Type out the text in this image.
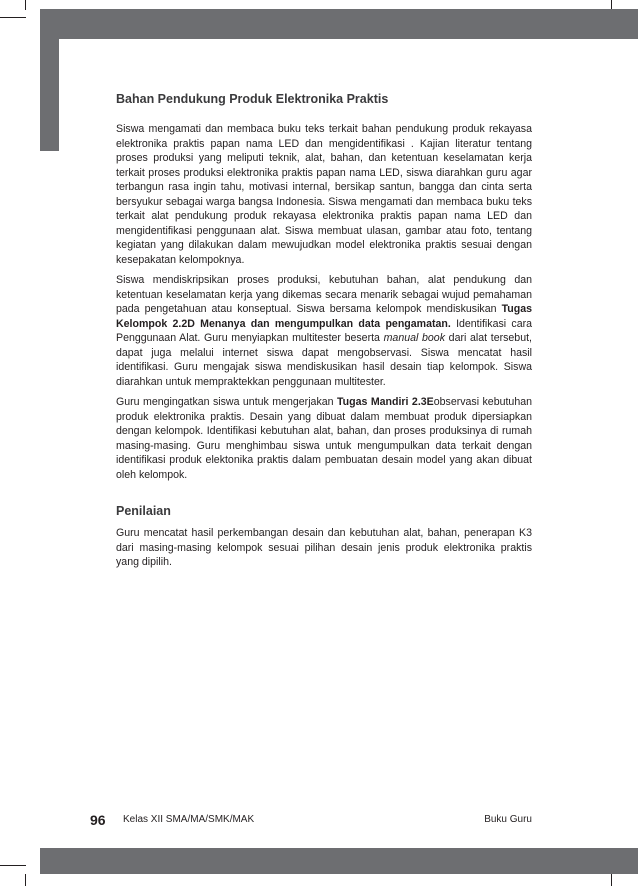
Bahan Pendukung Produk Elektronika Praktis

Siswa mengamati dan membaca buku teks terkait bahan pendukung produk rekayasa elektronika praktis papan nama LED dan mengidentifikasi . Kajian literatur tentang proses produksi yang meliputi teknik, alat, bahan, dan ketentuan keselamatan kerja terkait proses produksi elektronika praktis papan nama LED, siswa diarahkan guru agar terbangun rasa ingin tahu, motivasi internal, bersikap santun, bangga dan cinta serta bersyukur sebagai warga bangsa Indonesia. Siswa mengamati dan membaca buku teks terkait alat pendukung produk rekayasa elektronika praktis papan nama LED dan mengidentifikasi penggunaan alat. Siswa membuat ulasan, gambar atau foto, tentang kegiatan yang dilakukan dalam mewujudkan model elektronika praktis sesuai dengan kesepakatan kelompoknya.

Siswa mendiskripsikan proses produksi, kebutuhan bahan, alat pendukung dan ketentuan keselamatan kerja yang dikemas secara menarik sebagai wujud pemahaman pada pengetahuan atau konseptual. Siswa bersama kelompok mendiskusikan Tugas Kelompok 2.2D Menanya dan mengumpulkan data pengamatan. Identifikasi cara Penggunaan Alat. Guru menyiapkan multitester beserta manual book dari alat tersebut, dapat juga melalui internet siswa dapat mengobservasi. Siswa mencatat hasil identifikasi. Guru mengajak siswa mendiskusikan hasil desain tiap kelompok. Siswa diarahkan untuk mempraktekkan penggunaan multitester.

Guru mengingatkan siswa untuk mengerjakan Tugas Mandiri 2.3Eobservasi kebutuhan produk elektronika praktis. Desain yang dibuat dalam membuat produk dipersiapkan dengan kelompok. Identifikasi kebutuhan alat, bahan, dan proses produksinya di rumah masing-masing. Guru menghimbau siswa untuk mengumpulkan data terkait dengan identifikasi produk elektonika praktis dalam pembuatan desain model yang akan dibuat oleh kelompok.

Penilaian

Guru mencatat hasil perkembangan desain dan kebutuhan alat, bahan, penerapan K3 dari masing-masing kelompok sesuai pilihan desain jenis produk elektronika praktis yang dipilih.

96 Kelas XII SMA/MA/SMK/MAK	Buku Guru
